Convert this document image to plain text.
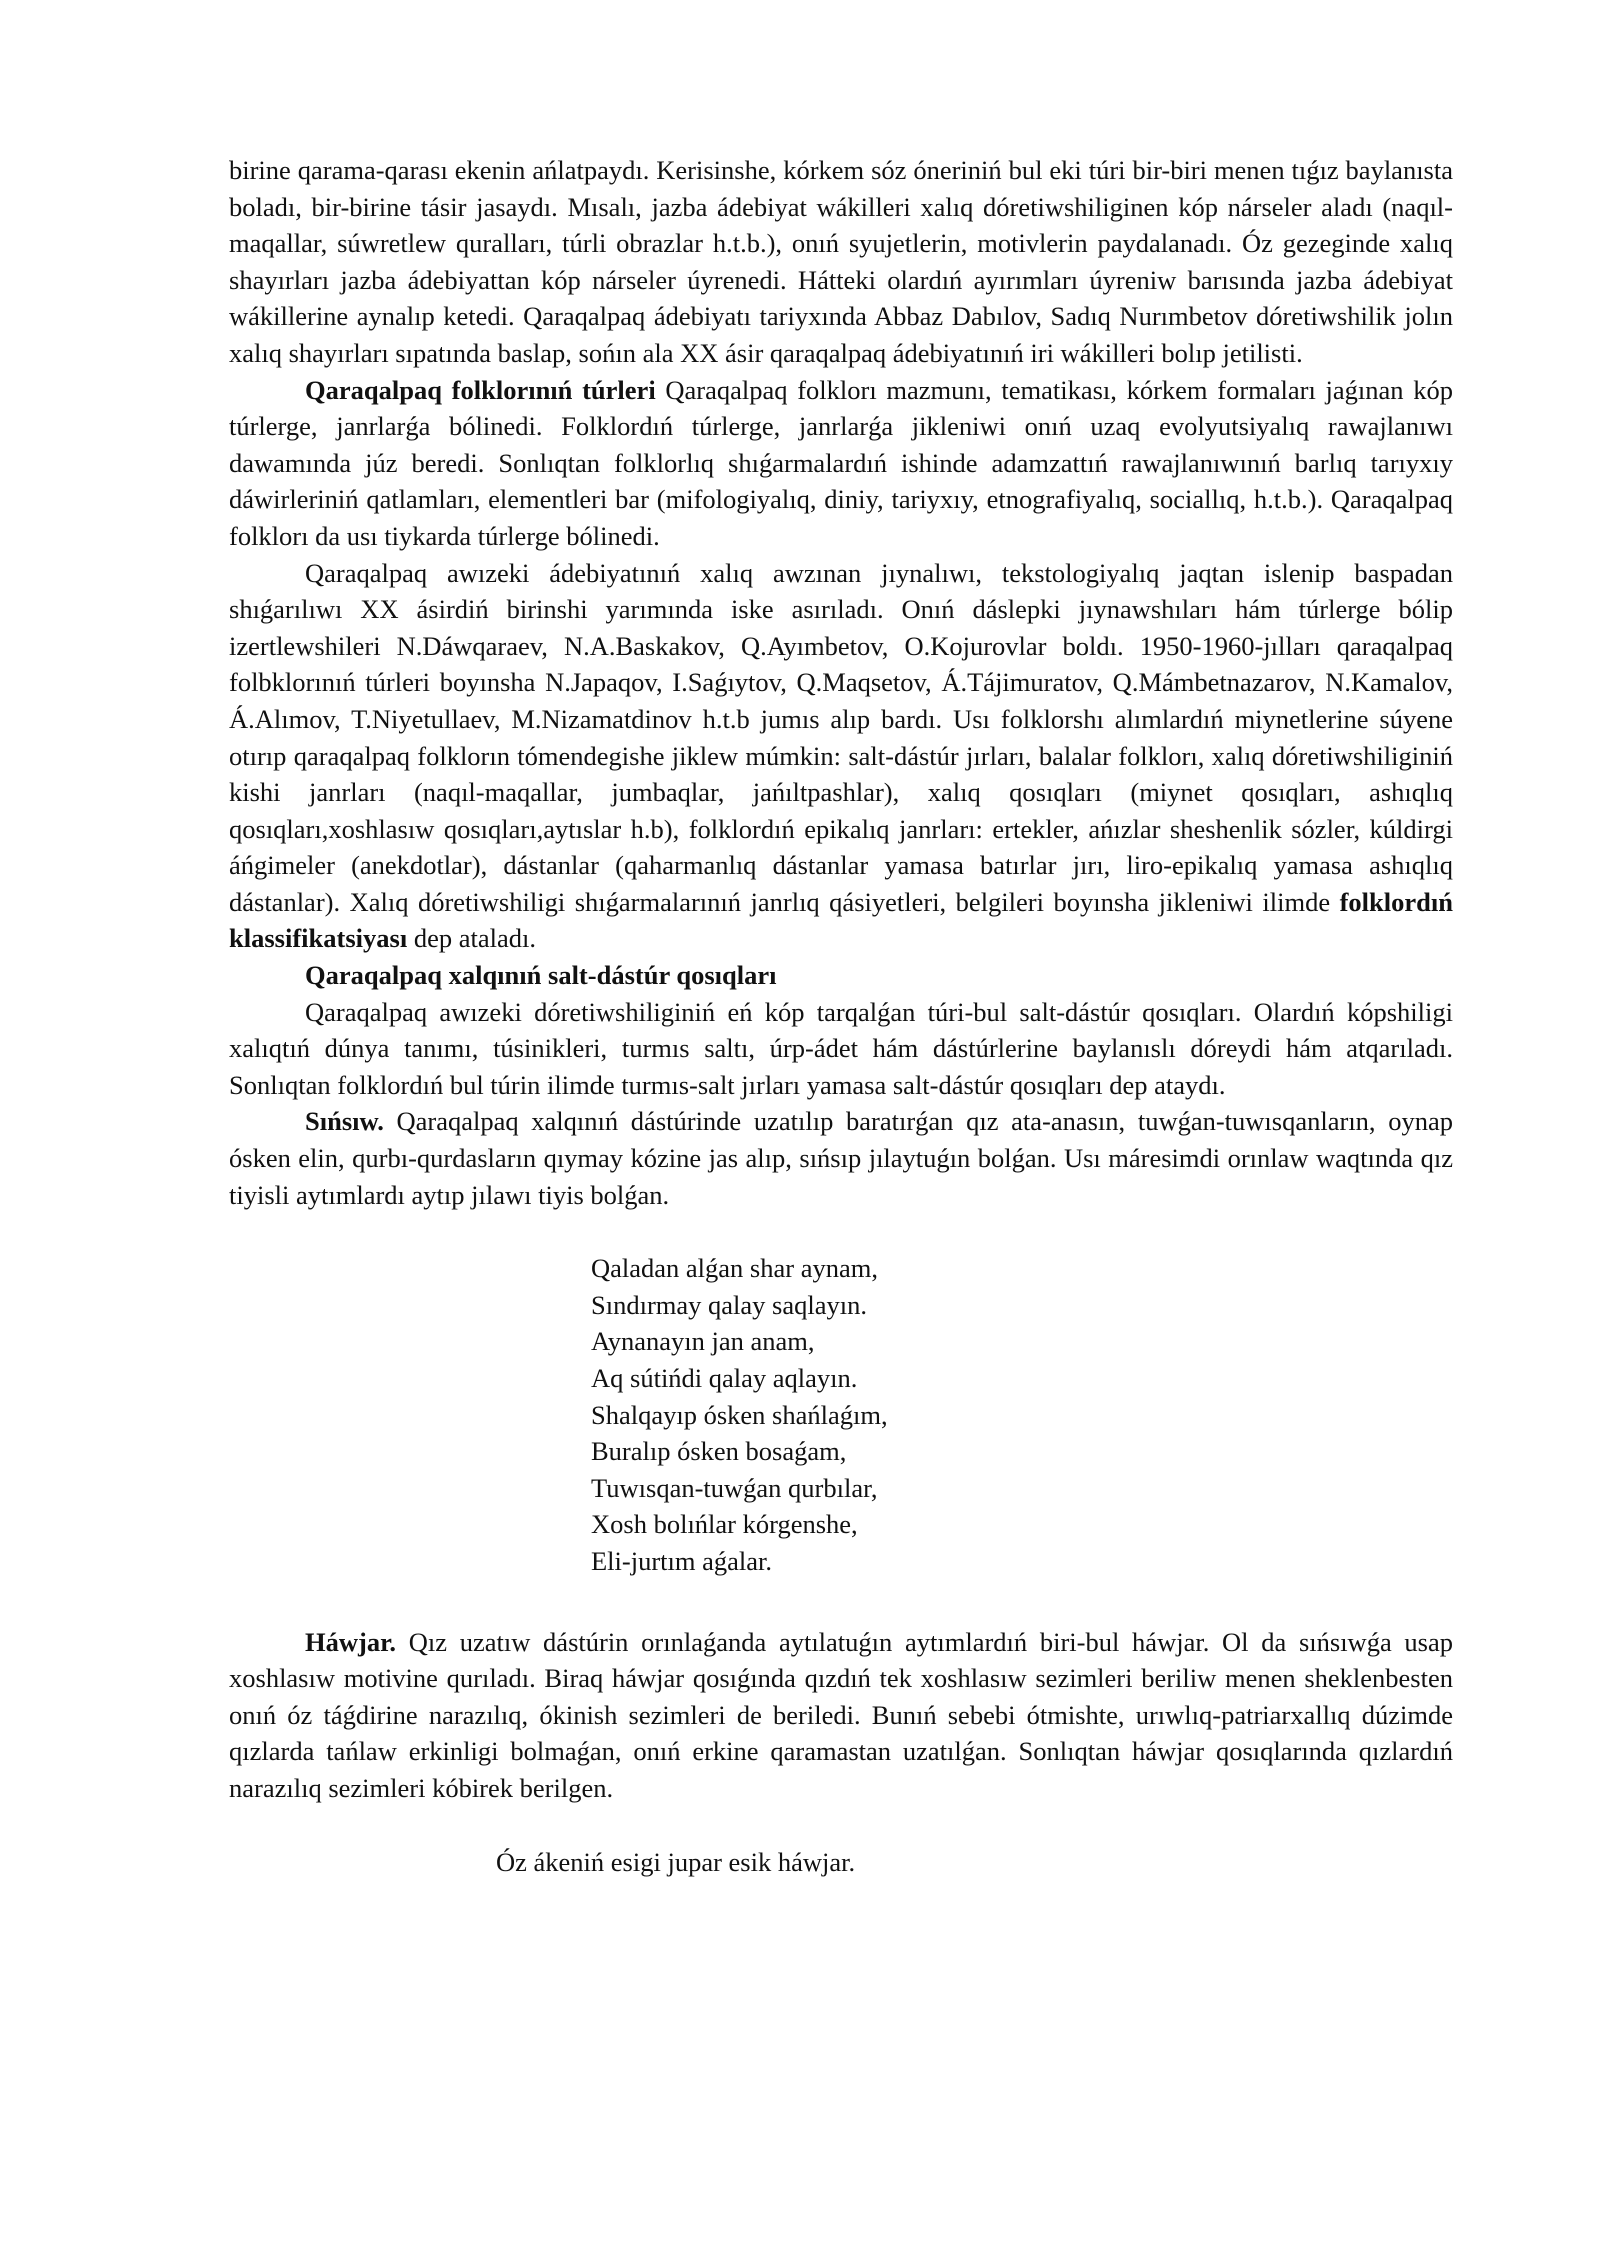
birine qarama-qarası ekenin ańlatpaydı. Kerisinshe, kórkem sóz óneriniń bul eki túri bir-biri menen tıǵız baylanısta boladı, bir-birine tásir jasaydı. Mısalı, jazba ádebiyat wákilleri xalıq dóretiwshiliginen kóp nárseler aladı (naqıl-maqallar, súwretlew quralları, túrli obrazlar h.t.b.), onıń syujetlerin, motivlerin paydalanadı. Óz gezeginde xalıq shayırları jazba ádebiyattan kóp nárseler úyrenedi. Hátteki olardıń ayırımları úyreniw barısında jazba ádebiyat wákillerine aynalıp ketedi. Qaraqalpaq ádebiyatı tariyxında Abbaz Dabılov, Sadıq Nurımbetov dóretiwshilik jolın xalıq shayırları sıpatında baslap, sońın ala XX ásir qaraqalpaq ádebiyatınıń iri wákilleri bolıp jetilisti.

Qaraqalpaq folklorınıń túrleri Qaraqalpaq folklorı mazmunı, tematikası, kórkem formaları jaǵınan kóp túrlerge, janrlarǵa bólinedi. Folklordıń túrlerge, janrlarǵa jikleniwi onıń uzaq evolyutsiyalıq rawajlanıwı dawamında júz beredi. Sonlıqtan folklorlıq shıǵarmalardıń ishinde adamzattıń rawajlanıwınıń barlıq tarıyxıy dáwirleriniń qatlamları, elementleri bar (mifologiyalıq, diniy, tariyxıy, etnografiyalıq, sociallıq, h.t.b.). Qaraqalpaq folklorı da usı tiykarda túrlerge bólinedi.

Qaraqalpaq awızeki ádebiyatınıń xalıq awzınan jıynalıwı, tekstologiyalıq jaqtan islenip baspadan shıǵarılıwı XX ásirdiń birinshi yarımında iske asırıladı. Onıń dáslepki jıynawshıları hám túrlerge bólip izertlewshileri N.Dáwqaraev, N.A.Baskakov, Q.Ayımbetov, O.Kojurovlar boldı. 1950-1960-jılları qaraqalpaq folbklorınıń túrleri boyınsha N.Japaqov, I.Saǵıytov, Q.Maqsetov, Á.Tájimuratov, Q.Mámbetnazarov, N.Kamalov, Á.Alımov, T.Niyetullaev, M.Nizamatdinov h.t.b jumıs alıp bardı. Usı folklorshı alımlardıń miynetlerine súyene otırıp qaraqalpaq folklorın tómendegishe jiklew múmkin: salt-dástúr jırları, balalar folklorı, xalıq dóretiwshiliginiń kishi janrları (naqıl-maqallar, jumbaqlar, jańıltpashlar), xalıq qosıqları (miynet qosıqları, ashıqlıq qosıqları,xoshlasıw qosıqları,aytıslar h.b), folklordıń epikalıq janrları: ertekler, ańızlar sheshenlik sózler, kúldirgi áńgimeler (anekdotlar), dástanlar (qaharmanlıq dástanlar yamasa batırlar jırı, liro-epikalıq yamasa ashıqlıq dástanlar). Xalıq dóretiwshiligi shıǵarmalarınıń janrlıq qásiyetleri, belgileri boyınsha jikleniwi ilimde folklordıń klassifikatsiyası dep ataladı.

Qaraqalpaq xalqınıń salt-dástúr qosıqları

Qaraqalpaq awızeki dóretiwshiliginiń eń kóp tarqalǵan túri-bul salt-dástúr qosıqları. Olardıń kópshiligi xalıqtıń dúnya tanımı, túsinikleri, turmıs saltı, úrp-ádet hám dástúrlerine baylanıslı dóreydi hám atqarıladı. Sonlıqtan folklordıń bul túrin ilimde turmıs-salt jırları yamasa salt-dástúr qosıqları dep ataydı.

Sıńsıw. Qaraqalpaq xalqınıń dástúrinde uzatılıp baratırǵan qız ata-anasın, tuwǵan-tuwısqanların, oynap ósken elin, qurbı-qurdasların qıymay kózine jas alıp, sıńsıp jılaytuǵın bolǵan. Usı máresimdi orınlaw waqtında qız tiyisli aytımlardı aytıp jılawı tiyis bolǵan.

Qaladan alǵan shar aynam,
Sındırmay qalay saqlayın.
Aynanayın jan anam,
Aq sútińdi qalay aqlayın.
Shalqayıp ósken shańlaǵım,
Buralıp ósken bosaǵam,
Tuwısqan-tuwǵan qurbılar,
Xosh bolıńlar kórgenshe,
Eli-jurtım aǵalar.

Háwjar. Qız uzatıw dástúrin orınlaǵanda aytılatuǵın aytımlardıń biri-bul háwjar. Ol da sıńsıwǵa usap xoshlasıw motivine qurıladı. Biraq háwjar qosıǵında qızdıń tek xoshlasıw sezimleri beriliw menen sheklenbesten onıń óz táǵdirine narazılıq, ókinish sezimleri de beriledi. Bunıń sebebi ótmishte, urıwlıq-patriarxallıq dúzimde qızlarda tańlaw erkinligi bolmaǵan, onıń erkine qaramastan uzatılǵan. Sonlıqtan háwjar qosıqlarında qızlardıń narazılıq sezimleri kóbirek berilgen.

Óz ákeniń esigi jupar esik háwjar.
